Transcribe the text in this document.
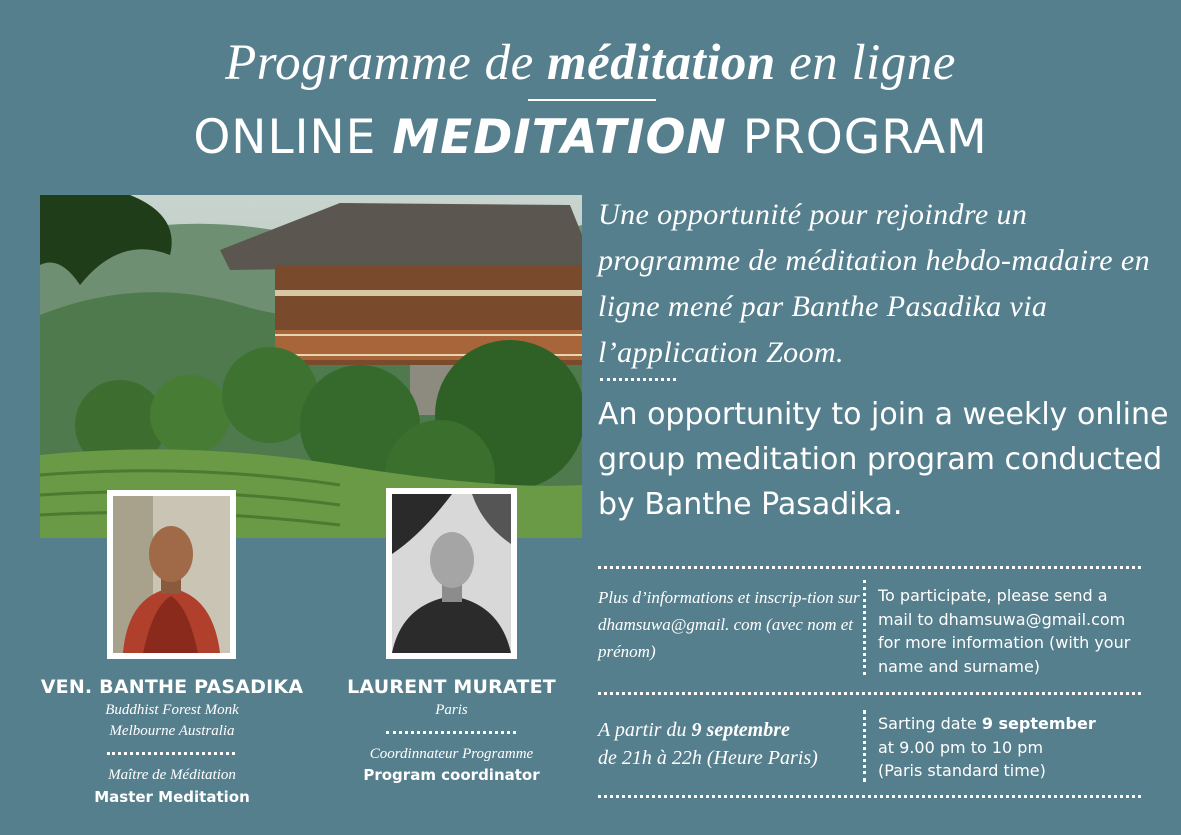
Programme de méditation en ligne
ONLINE MEDITATION PROGRAM
Une opportunité pour rejoindre un programme de méditation hebdo-madaire en ligne mené par Banthe Pasadika via l’application Zoom.
An opportunity to join a weekly online group meditation program conducted by Banthe Pasadika.
Plus d’informations et inscrip-tion sur dhamsuwa@gmail. com (avec nom et prénom)
To participate, please send a mail to dhamsuwa@gmail.com for more information (with your name and surname)
A partir du 9 septembre
de 21h à 22h (Heure Paris)
Sarting date 9 september
at 9.00 pm to 10 pm
(Paris standard time)
VEN. BANTHE PASADIKA
Buddhist Forest Monk
Melbourne Australia
Maître de Méditation
Master Meditation
LAURENT MURATET
Paris
Coordinnateur Programme
Program coordinator
